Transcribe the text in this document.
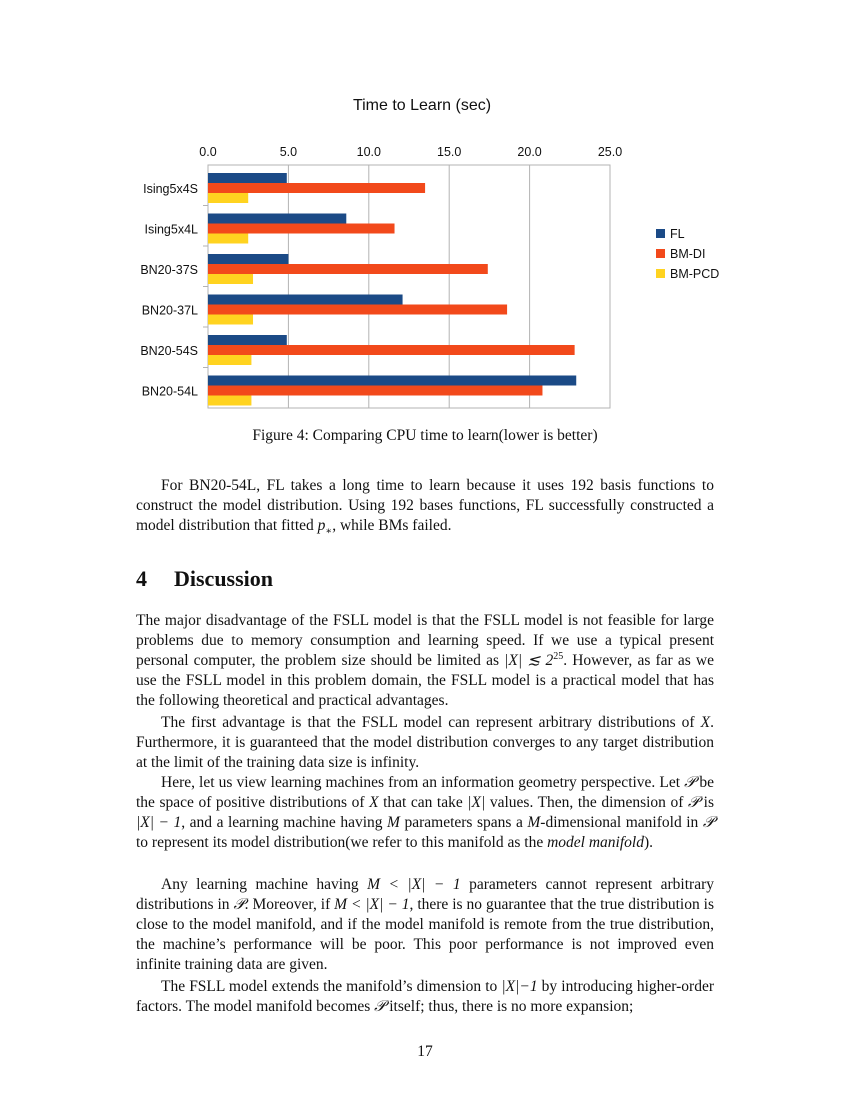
Time to Learn (sec)
0.0	5.0	10.0	15.0	20.0	25.0
Ising5x4S
Ising5x4L
BN20-37S
BN20-37L
BN20-54S
BN20-54L
FL
BM-DI
BM-PCD
Figure 4: Comparing CPU time to learn(lower is better)

For BN20-54L, FL takes a long time to learn because it uses 192 basis functions to construct the model distribution. Using 192 bases functions, FL successfully constructed a model distribution that fitted $p_∗$, while BMs failed.

4 Discussion

The major disadvantage of the FSLL model is that the FSLL model is not feasible for large problems due to memory consumption and learning speed. If we use a typical present personal computer, the problem size should be limited as |X| ≲ $2^{25}$. However, as far as we use the FSLL model in this problem domain, the FSLL model is a practical model that has the following theoretical and practical advantages.

The first advantage is that the FSLL model can represent arbitrary distributions of X. Furthermore, it is guaranteed that the model distribution converges to any target distribution at the limit of the training data size is infinity.

Here, let us view learning machines from an information geometry perspective. Let 𝒫 be the space of positive distributions of X that can take |X| values. Then, the dimension of 𝒫 is |X| − 1, and a learning machine having M parameters spans a M-dimensional manifold in 𝒫 to represent its model distribution(we refer to this manifold as the model manifold).

Any learning machine having M < |X| − 1 parameters cannot represent arbitrary distributions in 𝒫. Moreover, if M < |X| − 1, there is no guarantee that the true distribution is close to the model manifold, and if the model manifold is remote from the true distribution, the machine’s performance will be poor. This poor performance is not improved even infinite training data are given.

The FSLL model extends the manifold’s dimension to |X|−1 by introducing higher-order factors. The model manifold becomes 𝒫 itself; thus, there is no more expansion;

17
